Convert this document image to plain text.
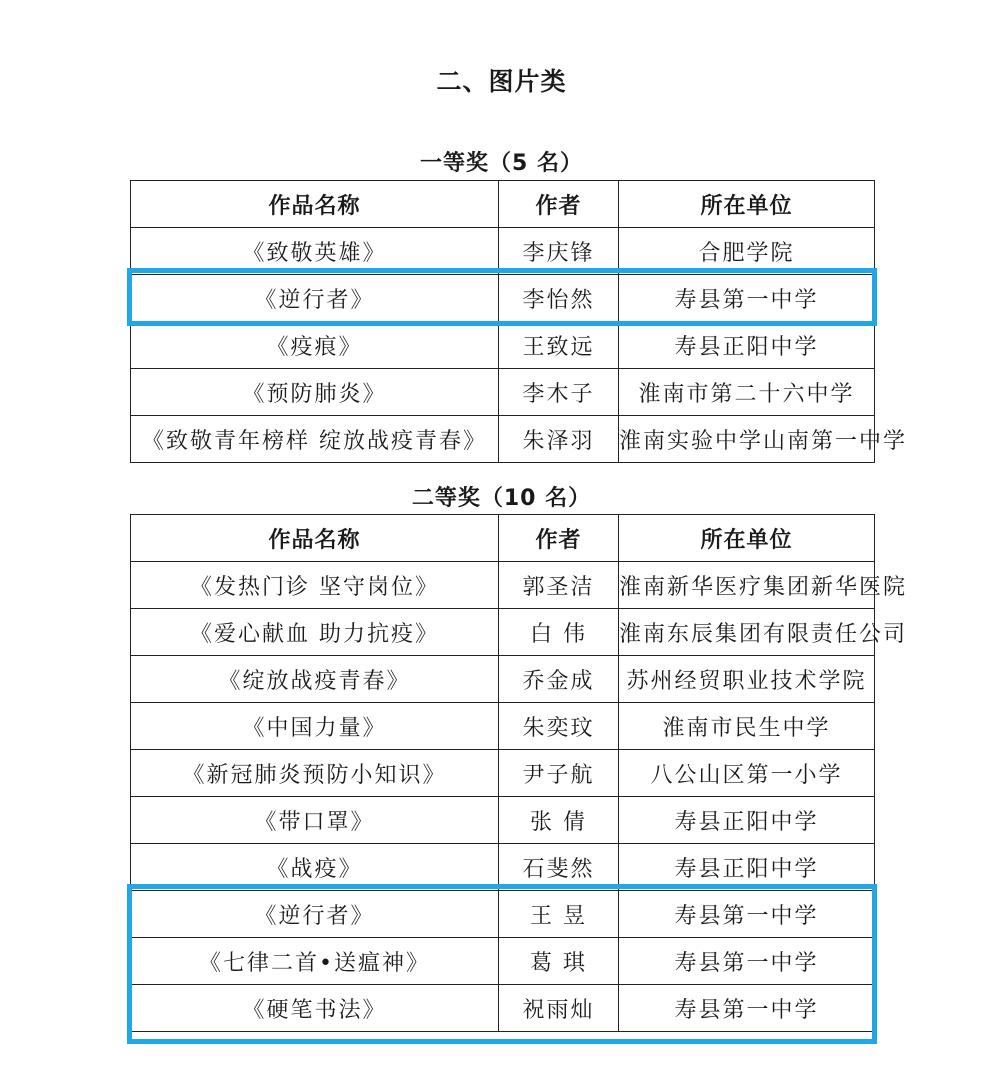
二、图片类
一等奖（5 名）
作品名称	作者	所在单位
《致敬英雄》	李庆锋	合肥学院
《逆行者》	李怡然	寿县第一中学
《疫痕》	王致远	寿县正阳中学
《预防肺炎》	李木子	淮南市第二十六中学
《致敬青年榜样 绽放战疫青春》	朱泽羽	淮南实验中学山南第一中学
二等奖（10 名）
作品名称	作者	所在单位
《发热门诊 坚守岗位》	郭圣洁	淮南新华医疗集团新华医院
《爱心献血 助力抗疫》	白 伟	淮南东辰集团有限责任公司
《绽放战疫青春》	乔金成	苏州经贸职业技术学院
《中国力量》	朱奕玟	淮南市民生中学
《新冠肺炎预防小知识》	尹子航	八公山区第一小学
《带口罩》	张 倩	寿县正阳中学
《战疫》	石斐然	寿县正阳中学
《逆行者》	王 昱	寿县第一中学
《七律二首•送瘟神》	葛 琪	寿县第一中学
《硬笔书法》	祝雨灿	寿县第一中学
